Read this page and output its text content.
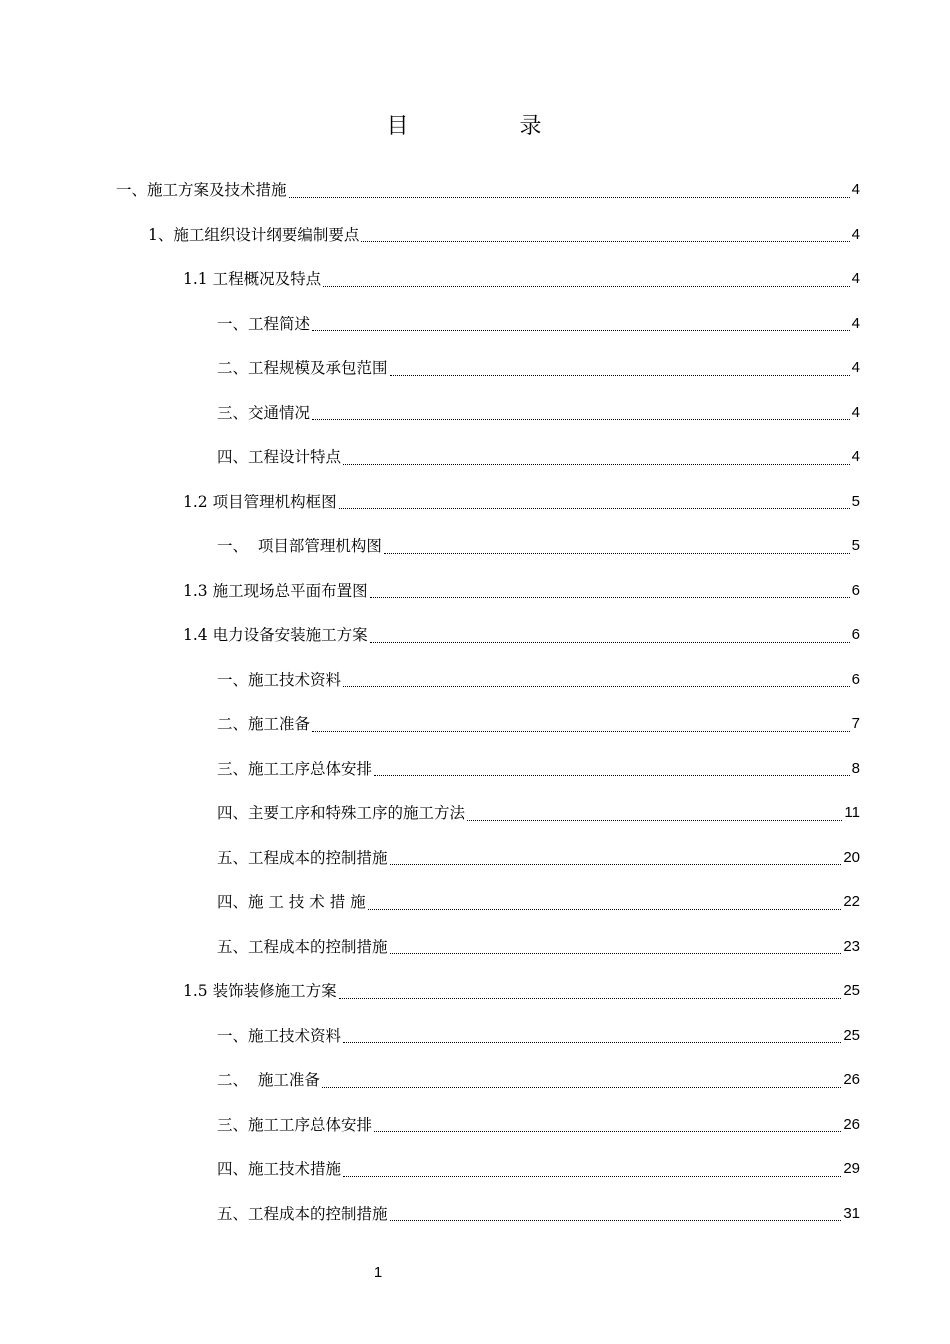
目 录
一、施工方案及技术措施	4
1、施工组织设计纲要编制要点	4
1.1 工程概况及特点	4
一、工程简述	4
二、工程规模及承包范围	4
三、交通情况	4
四、工程设计特点	4
1.2 项目管理机构框图	5
一、  项目部管理机构图	5
1.3 施工现场总平面布置图	6
1.4 电力设备安装施工方案	6
一、施工技术资料	6
二、施工准备	7
三、施工工序总体安排	8
四、主要工序和特殊工序的施工方法	11
五、工程成本的控制措施	20
四、施 工 技 术 措 施	22
五、工程成本的控制措施	23
1.5 装饰装修施工方案	25
一、施工技术资料	25
二、  施工准备	26
三、施工工序总体安排	26
四、施工技术措施	29
五、工程成本的控制措施	31
1
